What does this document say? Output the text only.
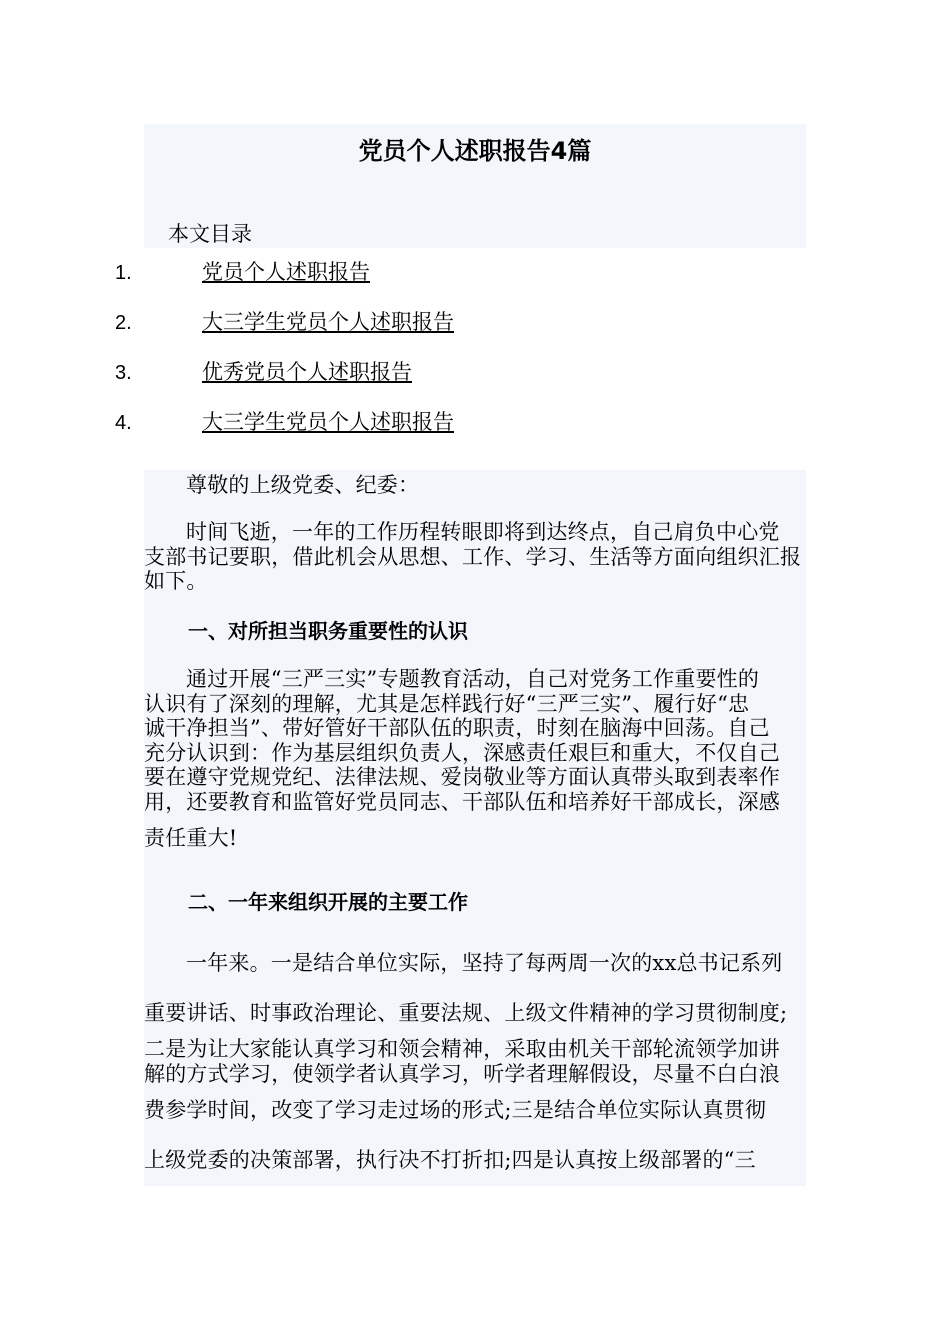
党员个人述职报告4篇
本文目录
1.	党员个人述职报告
2.	大三学生党员个人述职报告
3.	优秀党员个人述职报告
4.	大三学生党员个人述职报告

尊敬的上级党委、纪委：

时间飞逝，一年的工作历程转眼即将到达终点，自己肩负中心党
支部书记要职，借此机会从思想、工作、学习、生活等方面向组织汇报
如下。
一、对所担当职务重要性的认识
通过开展“三严三实”专题教育活动，自己对党务工作重要性的
认识有了深刻的理解，尤其是怎样践行好“三严三实”、履行好“忠
诚干净担当”、带好管好干部队伍的职责，时刻在脑海中回荡。自己
充分认识到：作为基层组织负责人，深感责任艰巨和重大，不仅自己
要在遵守党规党纪、法律法规、爱岗敬业等方面认真带头取到表率作
用，还要教育和监管好党员同志、干部队伍和培养好干部成长，深感
责任重大!
二、一年来组织开展的主要工作
一年来。一是结合单位实际，坚持了每两周一次的xx总书记系列
重要讲话、时事政治理论、重要法规、上级文件精神的学习贯彻制度;
二是为让大家能认真学习和领会精神，采取由机关干部轮流领学加讲
解的方式学习，使领学者认真学习，听学者理解假设，尽量不白白浪
费参学时间，改变了学习走过场的形式;三是结合单位实际认真贯彻
上级党委的决策部署，执行决不打折扣;四是认真按上级部署的“三
